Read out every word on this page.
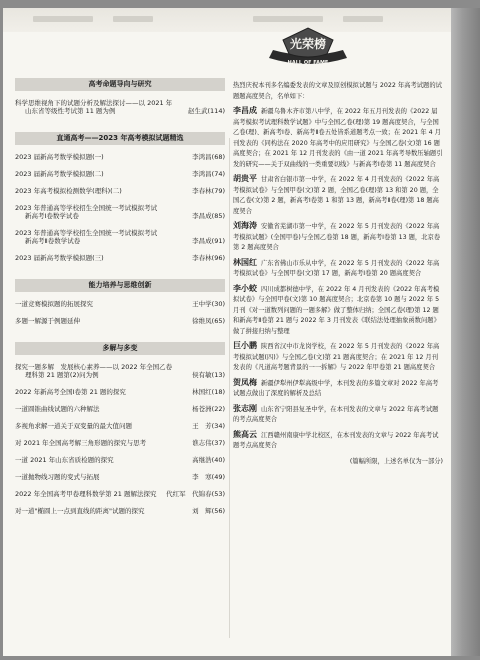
高考命题导向与研究
科学思维视角下的试题分析及解法探讨——以 2021 年
山东省等级性考试第 11 题为例	赵生武(114)
直通高考——2023 年高考模拟试题精选
2023 届新高考数学模拟题(一)	李鸿昌(68)
2023 届新高考数学模拟题(二)	李鸿昌(74)
2023 年高考模拟检测数学(理科)(二)	李春林(79)
2023 年普通高等学校招生全国统一考试模拟考试
新高考Ⅰ卷数学试卷	李昌成(85)
2023 年普通高等学校招生全国统一考试模拟考试
新高考Ⅱ卷数学试卷	李昌成(91)
2023 届新高考数学模拟题(三)	李春林(96)
能力培养与思维创新
一道竞赛模拟题的拓展探究	王中学(30)
多题一解源于例题延伸	徐维凤(65)
多解与多变
探究一题多解　发展核心素养——以 2022 年全国乙卷
理科第 21 题第(2)问为例	侯有敏(13)
2022 年新高考全国Ⅰ卷第 21 题的探究	林国红(18)
一道圆锥曲线试题的六种解法	杨苍洲(22)
多视角求解一道关于双变量的最大值问题	王　芳(34)
对 2021 年全国高考解三角形题的探究与思考	谯志伟(37)
一道 2021 年山东省质检题的探究	高继浩(40)
一道抛物线习题的变式与拓展	李　寒(49)
2022 年全国高考甲卷理科数学第 21 题解法探究	代红军　代锦春(53)
对一道"椭圆上一点到直线的距离"试题的探究	刘　辉(56)
光荣榜
HALL OF FAME
热烈庆祝本刊多名编委发表的文章及原创模拟试题与 2022 年高考试题的试题题高度契合，名单如下：
李昌成 新疆乌鲁木齐市第八中学，在 2022 年五月刊发表的《2022 届高考模拟考试理科数学试题》中与全国乙卷(理)第 19 题高度契合，与全国乙卷(理)、新高考Ⅰ卷、新高考Ⅱ卷五处皆系道题考点一致；在 2021 年 4 月刊发表的《同构法在 2020 年高考中的应用研究》与全国乙卷(文)第 16 题高度契合；在 2021 年 12 月刊发表的《由一道 2021 年高考导数压轴题引发的研究——关于双曲线的一类重要切线》与新高考Ⅰ卷第 11 题高度契合
胡贵平 甘肃省白银市第一中学，在 2022 年 4 月刊发表的《2022 年高考模拟试卷》与全国甲卷(文)第 2 题，全国乙卷(理)第 13 和第 20 题，全国乙卷(文)第 2 题，新高考Ⅰ卷第 1 和第 13 题，新高考Ⅱ卷(理)第 18 题高度契合
刘海涛 安徽省芜湖市第一中学，在 2022 年 5 月刊发表的《2022 年高考模拟试题》(全国甲卷)与全国乙卷第 18 题，新高考Ⅰ卷第 13 题，北京卷第 2 题高度契合
林国红 广东省佛山市乐从中学，在 2022 年 5 月刊发表的《2022 年高考模拟试卷》与全国甲卷(文)第 17 题，新高考Ⅰ卷第 20 题高度契合
李小蛟 四川成都树德中学，在 2022 年 4 月刊发表的《2022 年高考模拟试卷》与全国甲卷(文)第 10 题高度契合；北京卷第 10 题与 2022 年 5 月刊《对一道数列问题的一题多解》做了整体归纳；全国乙卷(理)第 12 题和新高考Ⅱ卷第 21 题与 2022 年 3 月刊发表《联结法处理抽象函数问题》做了拼接归纳与整理
巨小鹏 陕西省汉中市龙岗学校，在 2022 年 5 月刊发表的《2022 年高考模拟试题(四)》与全国乙卷(文)第 21 题高度契合；在 2021 年 12 月刊发表的《凡道高考题背景的一一拆解》与 2022 年甲卷第 21 题高度契合
贺凤梅 新疆伊犁州伊犁高级中学，本刊发表的多篇文章对 2022 年高考试题点做出了深度的解析及总结
张志刚 山东省宁阳县复圣中学，在本刊发表的文章与 2022 年高考试题的考点高度契合
熊高云 江西赣州南康中学北校区，在本刊发表的文章与 2022 年高考试题考点高度契合
(篇幅所限，上述名单仅为一部分)
